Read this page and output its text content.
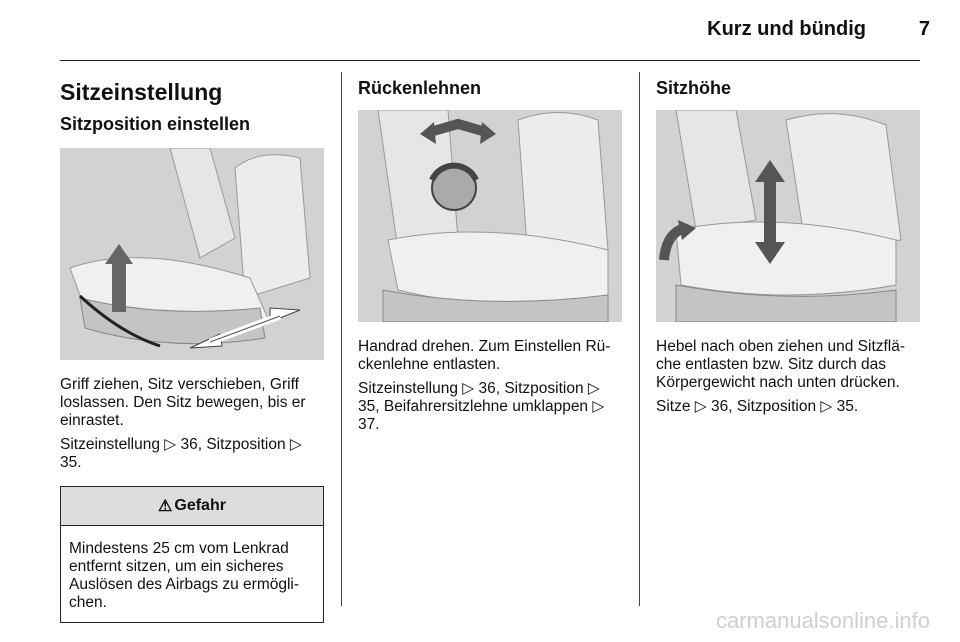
Kurz und bündig	7
Sitzeinstellung
Sitzposition einstellen

Griff ziehen, Sitz verschieben, Griff loslassen. Den Sitz bewegen, bis er einrastet.

Sitzeinstellung ▷ 36, Sitzposition ▷ 35.

⚠ Gefahr
Mindestens 25 cm vom Lenkrad entfernt sitzen, um ein sicheres Auslösen des Airbags zu ermögli-chen.
Rückenlehnen

Handrad drehen. Zum Einstellen Rü-ckenlehne entlasten.

Sitzeinstellung ▷ 36, Sitzposition ▷ 35, Beifahrersitzlehne umklappen ▷ 37.

Sitzhöhe

Hebel nach oben ziehen und Sitzflä-che entlasten bzw. Sitz durch das Körpergewicht nach unten drücken.

Sitze ▷ 36, Sitzposition ▷ 35.

carmanualsonline.info
